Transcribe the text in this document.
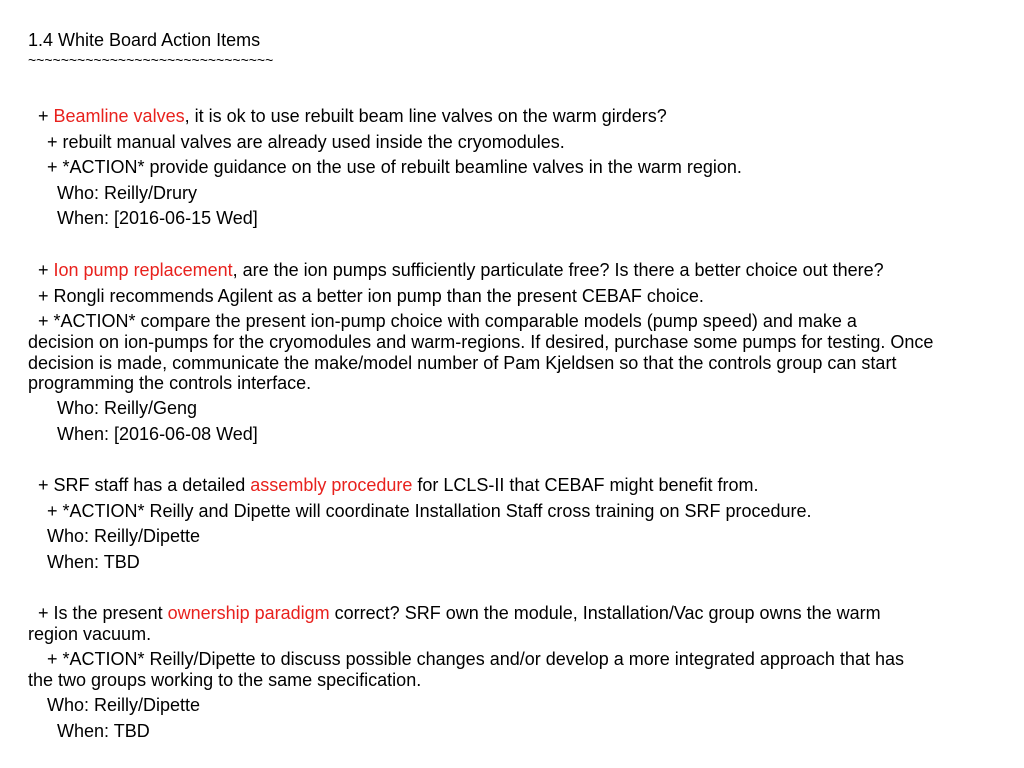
1.4 White Board Action Items
~~~~~~~~~~~~~~~~~~~~~~~~~~~~~~
+ Beamline valves, it is ok to use rebuilt beam line valves on the warm girders?
+ rebuilt manual valves are already used inside the cryomodules.
+ *ACTION* provide guidance on the use of rebuilt beamline valves in the warm region.
Who: Reilly/Drury
When: [2016-06-15 Wed]
+ Ion pump replacement, are the ion pumps sufficiently particulate free? Is there a better choice out there?
+ Rongli recommends Agilent as a better ion pump than the present CEBAF choice.
+ *ACTION* compare the present ion-pump choice with comparable models (pump speed) and make a
decision on ion-pumps for the cryomodules and warm-regions. If desired, purchase some pumps for testing. Once decision is made, communicate the make/model number of Pam Kjeldsen so that the controls group can start programming the controls interface.
Who: Reilly/Geng
When: [2016-06-08 Wed]
+ SRF staff has a detailed assembly procedure for LCLS-II that CEBAF might benefit from.
+ *ACTION* Reilly and Dipette will coordinate Installation Staff cross training on SRF procedure.
Who: Reilly/Dipette
When: TBD
+ Is the present ownership paradigm correct? SRF own the module, Installation/Vac group owns the warm
region vacuum.
+ *ACTION* Reilly/Dipette to discuss possible changes and/or develop a more integrated approach that has
the two groups working to the same specification.
Who: Reilly/Dipette
When: TBD
